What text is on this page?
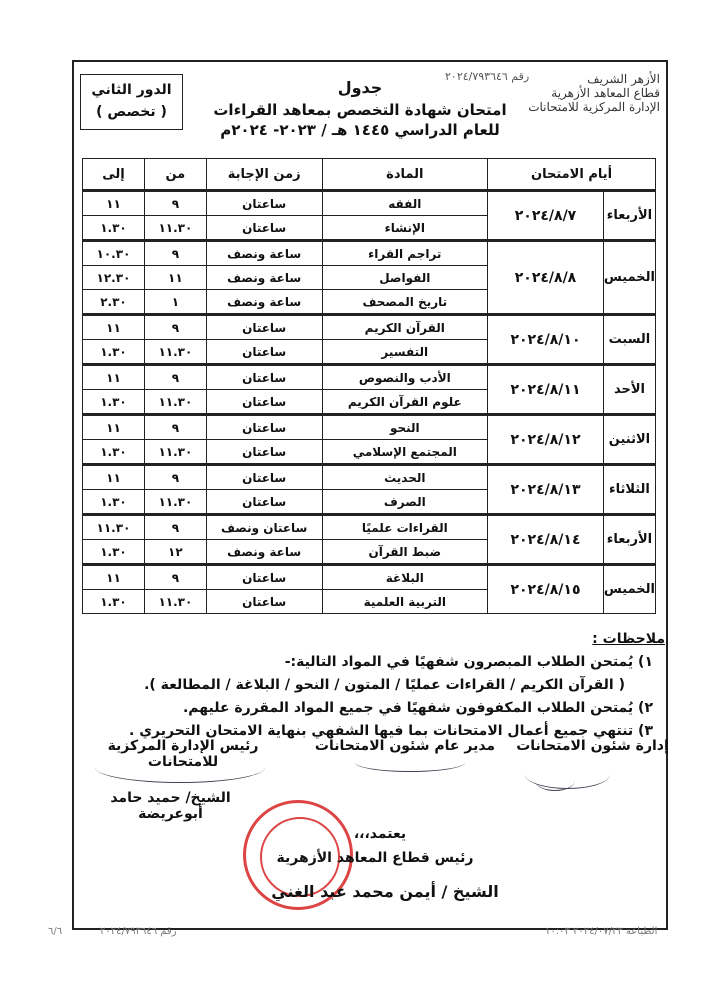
الأزهر الشريف
قطاع المعاهد الأزهرية
الإدارة المركزية للامتحانات
رقم ٢٠٢٤/٧٩٣٦٤٦
جدول
امتحان شهادة التخصص بمعاهد القراءات
للعام الدراسي ١٤٤٥ هـ / ٢٠٢٣- ٢٠٢٤م
الدور الثاني
( تخصص )
أيام الامتحان		المادة	زمن الإجابة	من	إلى
الأربعاء	٢٠٢٤/٨/٧	الفقه	ساعتان	٩	١١
		الإنشاء	ساعتان	١١.٣٠	١.٣٠
الخميس	٢٠٢٤/٨/٨	تراجم القراء	ساعة ونصف	٩	١٠.٣٠
		الفواصل	ساعة ونصف	١١	١٢.٣٠
		تاريخ المصحف	ساعة ونصف	١	٢.٣٠
السبت	٢٠٢٤/٨/١٠	القرآن الكريم	ساعتان	٩	١١
		التفسير	ساعتان	١١.٣٠	١.٣٠
الأحد	٢٠٢٤/٨/١١	الأدب والنصوص	ساعتان	٩	١١
		علوم القرآن الكريم	ساعتان	١١.٣٠	١.٣٠
الاثنين	٢٠٢٤/٨/١٢	النحو	ساعتان	٩	١١
		المجتمع الإسلامي	ساعتان	١١.٣٠	١.٣٠
الثلاثاء	٢٠٢٤/٨/١٣	الحديث	ساعتان	٩	١١
		الصرف	ساعتان	١١.٣٠	١.٣٠
الأربعاء	٢٠٢٤/٨/١٤	القراءات علميًا	ساعتان ونصف	٩	١١.٣٠
		ضبط القرآن	ساعة ونصف	١٢	١.٣٠
الخميس	٢٠٢٤/٨/١٥	البلاغة	ساعتان	٩	١١
		التربية العلمية	ساعتان	١١.٣٠	١.٣٠
ملاحظات :
١) يُمتحن الطلاب المبصرون شفهيًا في المواد التالية:-
( القرآن الكريم / القراءات عمليًا / المتون / النحو / البلاغة / المطالعة ).
٢) يُمتحن الطلاب المكفوفون شفهيًا في جميع المواد المقررة عليهم.
٣) تنتهي جميع أعمال الامتحانات بما فيها الشفهي بنهاية الامتحان التحريري .
إدارة شئون الامتحانات
مدير عام شئون الامتحانات
رئيس الإدارة المركزية للامتحانات
الشيخ/ حميد حامد أبوعريضة
يعتمد،،،
رئيس قطاع المعاهد الأزهرية
الشيخ / أيمن محمد عبد الغني
٦/٦	رقم ٢٠٢٤/٧٩٣٦٤٦	الطباعة ٢٠٢٤/٠٧/٢٣ ١٠:٠٣
